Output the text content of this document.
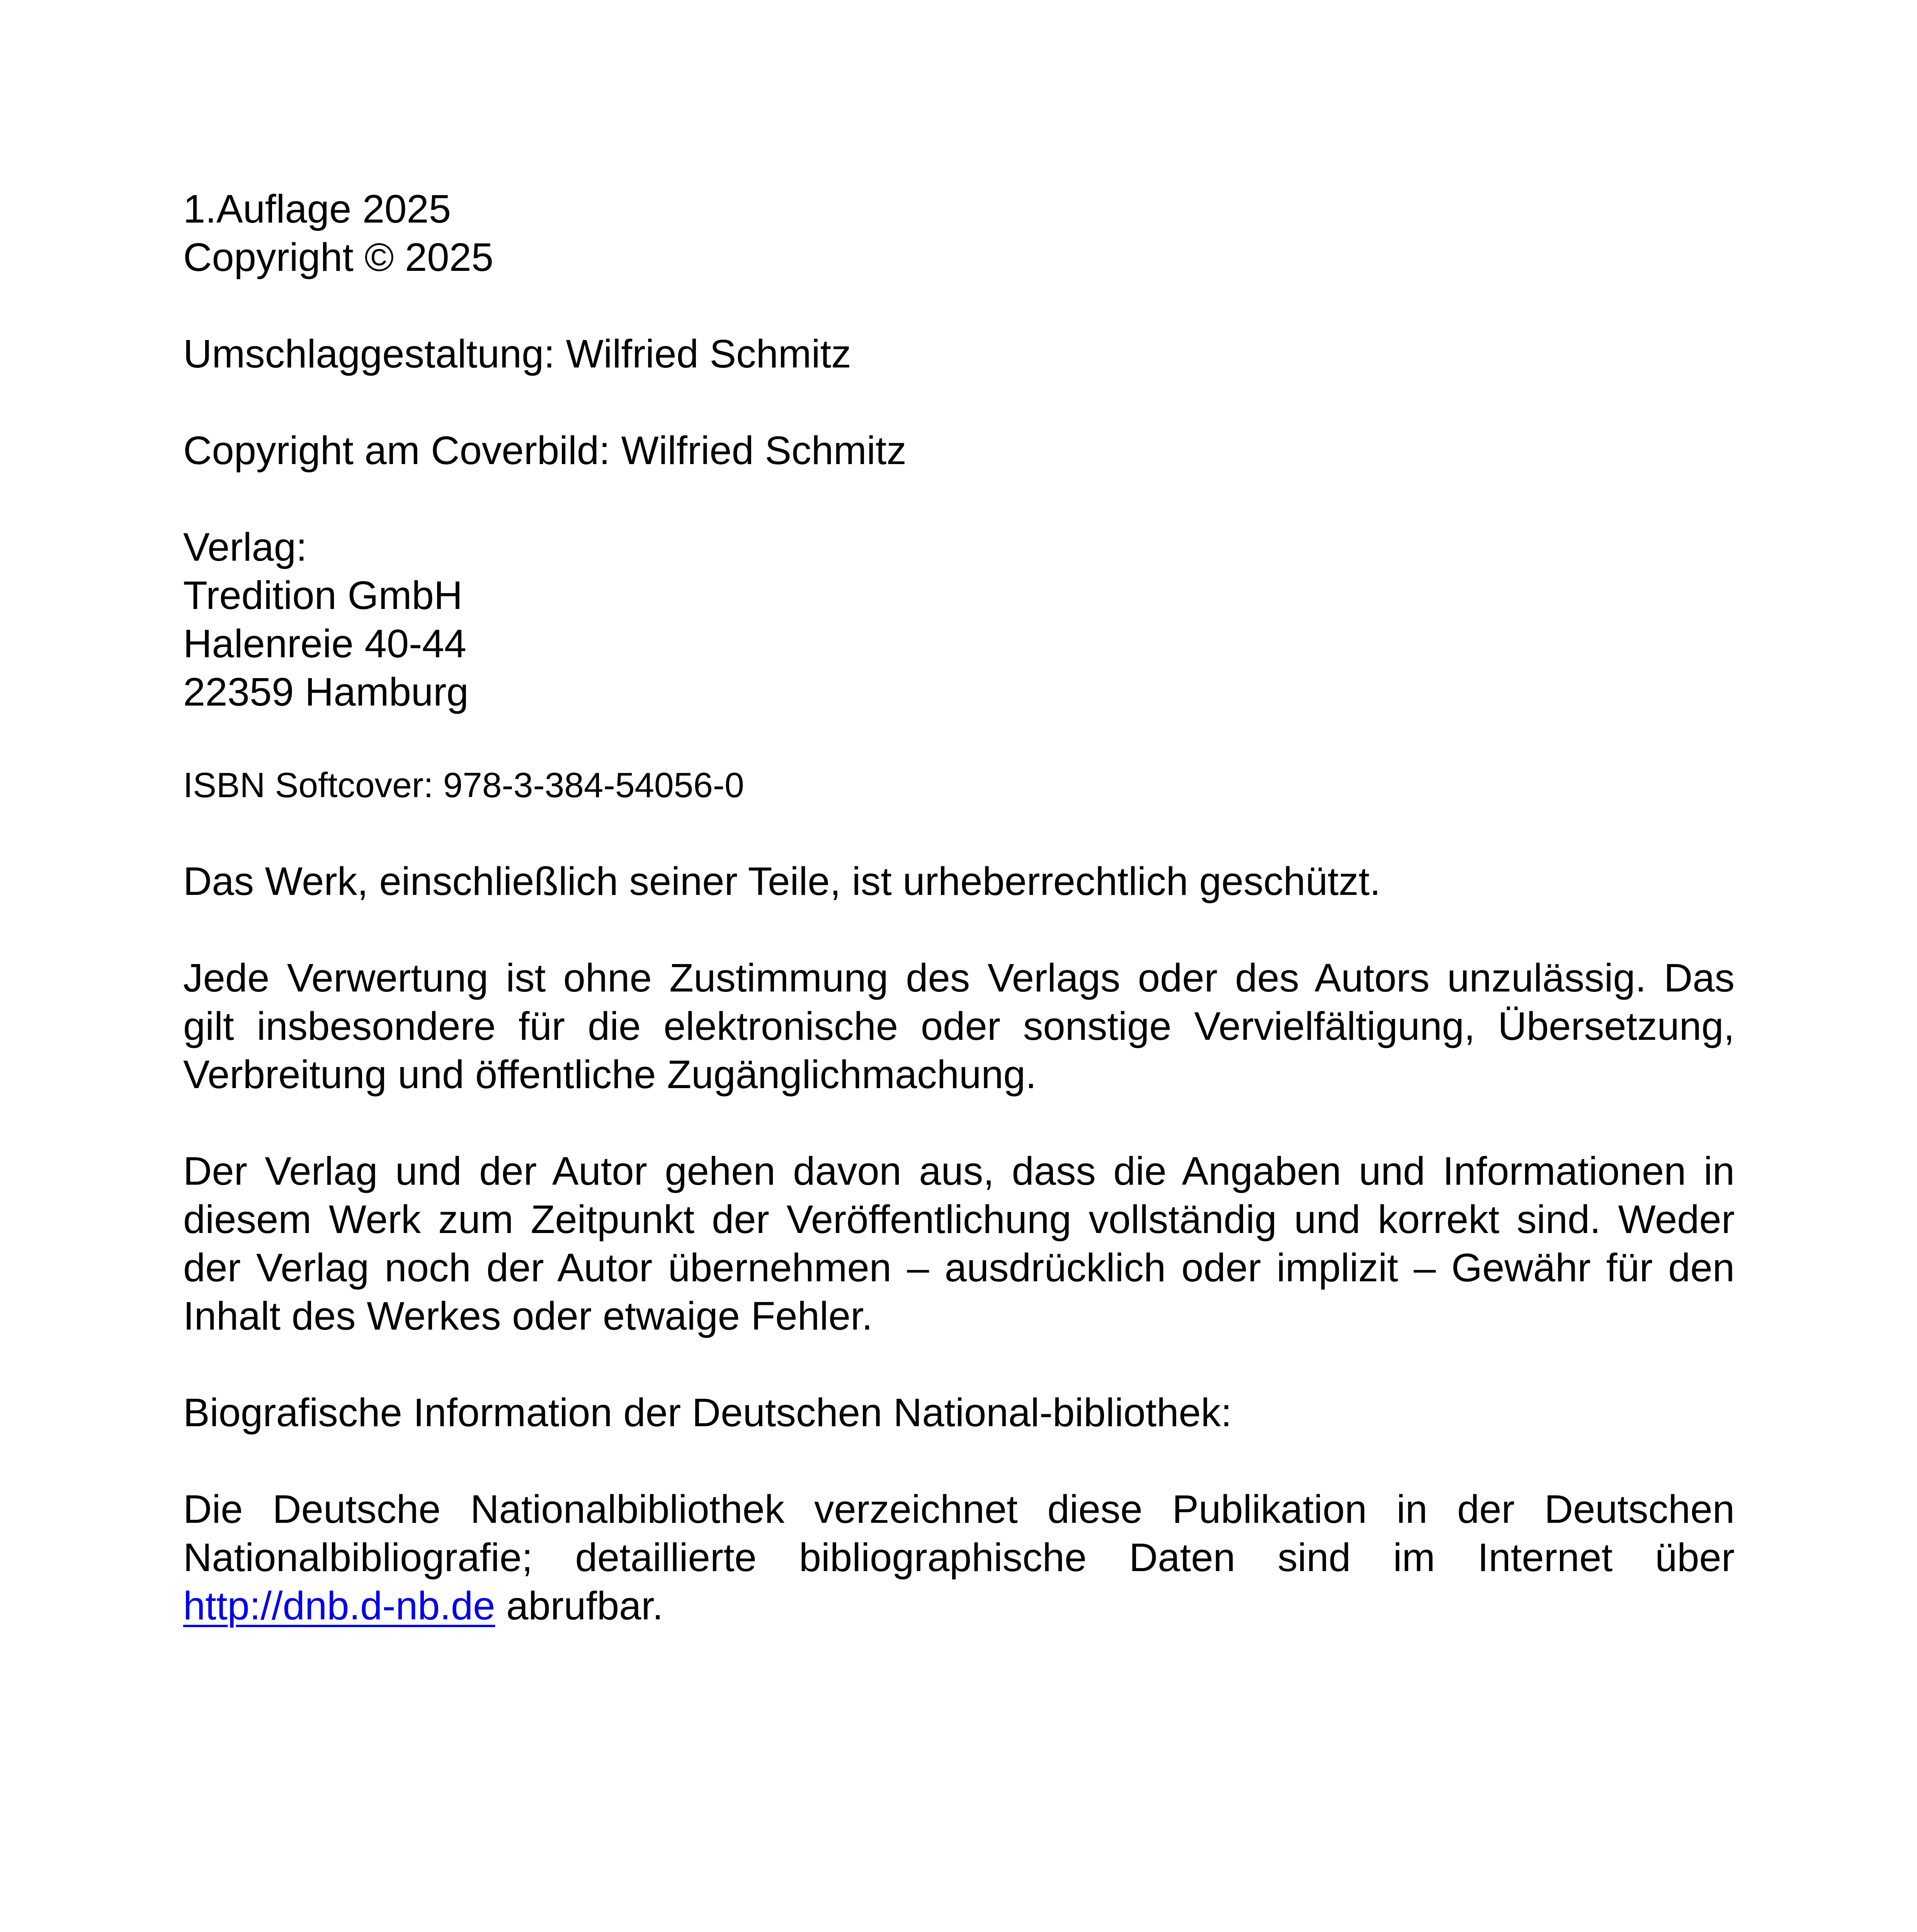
1.Auflage 2025
Copyright © 2025

Umschlaggestaltung: Wilfried Schmitz

Copyright am Coverbild: Wilfried Schmitz

Verlag:
Tredition GmbH
Halenreie 40-44
22359 Hamburg

ISBN Softcover: 978-3-384-54056-0

Das Werk, einschließlich seiner Teile, ist urheberrechtlich geschützt.

Jede Verwertung ist ohne Zustimmung des Verlags oder des Autors unzulässig. Das
gilt insbesondere für die elektronische oder sonstige Vervielfältigung, Übersetzung,
Verbreitung und öffentliche Zugänglichmachung.

Der Verlag und der Autor gehen davon aus, dass die Angaben und Informationen in
diesem Werk zum Zeitpunkt der Veröffentlichung vollständig und korrekt sind. Weder
der Verlag noch der Autor übernehmen – ausdrücklich oder implizit – Gewähr für den
Inhalt des Werkes oder etwaige Fehler.

Biografische Information der Deutschen National-bibliothek:

Die Deutsche Nationalbibliothek verzeichnet diese Publikation in der Deutschen
Nationalbibliografie; detaillierte bibliographische Daten sind im Internet über
http://dnb.d-nb.de abrufbar.
